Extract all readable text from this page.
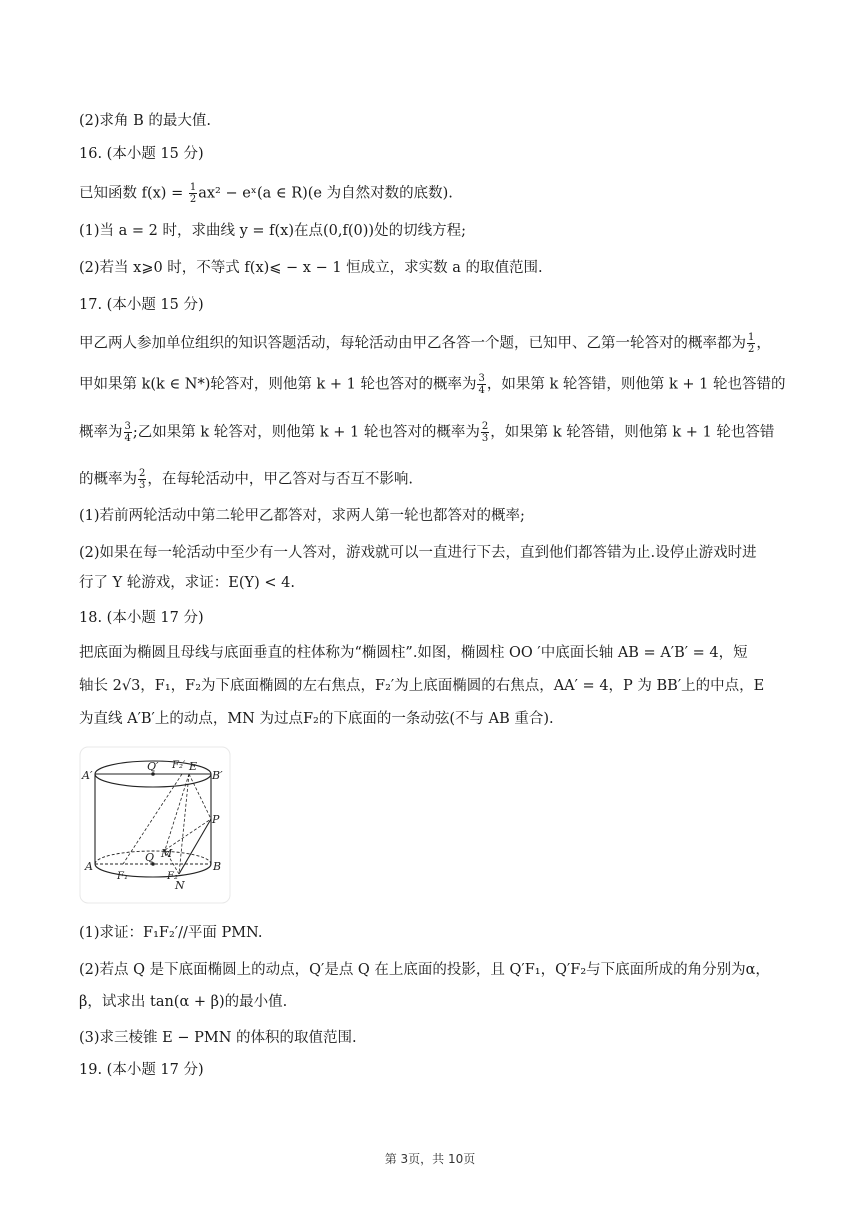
(2)求角 B 的最大值.
16. (本小题 15 分)
已知函数 $f(x) = \frac{1}{2} ax^2$ − eˣ(a ∈ R)(e 为自然对数的底数).
(1)当 a = 2 时，求曲线 y = f(x)在点(0,f(0))处的切线方程;
(2)若当 x⩾0 时，不等式 f(x)⩽ − x − 1 恒成立，求实数 a 的取值范围.
17. (本小题 15 分)
甲乙两人参加单位组织的知识答题活动，每轮活动由甲乙各答一个题，已知甲、乙第一轮答对的概率都为 $\frac{1}{2}$ ，
甲如果第 k(k ∈ N*)轮答对，则他第 k + 1 轮也答对的概率为 $\frac{3}{4}$ ，如果第 k 轮答错，则他第 k + 1 轮也答错的
概率为 $\frac{3}{4}$ ;乙如果第 k 轮答对，则他第 k + 1 轮也答对的概率为 $\frac{2}{3}$ ，如果第 k 轮答错，则他第 k + 1 轮也答错
的概率为 $\frac{2}{3}$ ，在每轮活动中，甲乙答对与否互不影响.
(1)若前两轮活动中第二轮甲乙都答对，求两人第一轮也都答对的概率;
(2)如果在每一轮活动中至少有一人答对，游戏就可以一直进行下去，直到他们都答错为止.设停止游戏时进
行了 Y 轮游戏，求证：E(Y) < 4.
18. (本小题 17 分)
把底面为椭圆且母线与底面垂直的柱体称为“椭圆柱”.如图，椭圆柱 OO ′中底面长轴 AB = A′B′ = 4，短
轴长 2√3，F₁，F₂为下底面椭圆的左右焦点，F₂′为上底面椭圆的右焦点，AA′ = 4，P 为 BB′上的中点，E
为直线 A′B′上的动点，MN 为过点F₂的下底面的一条动弦(不与 AB 重合).
A′
Q′ F₂′ E
B′
P
A
Q M
B
F₁	F₂
N
(1)求证：F₁F₂′//平面 PMN.
(2)若点 Q 是下底面椭圆上的动点，Q′是点 Q 在上底面的投影，且 Q′F₁，Q′F₂与下底面所成的角分别为α，
β，试求出 tan(α + β)的最小值.
(3)求三棱锥 E − PMN 的体积的取值范围.
19. (本小题 17 分)
第 3页，共 10页
